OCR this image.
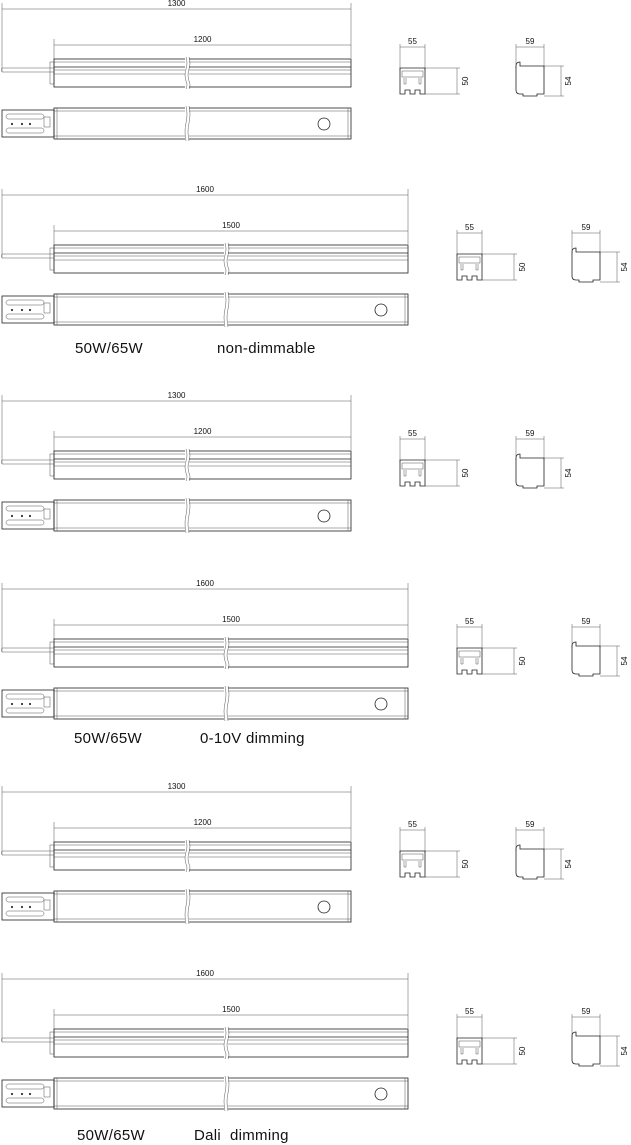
1300
1200	55
50
59
54
1600
1500	55
50
59
54
1300
1200	55
50
59
54
1600
1500	55
50
59
54
1300
1200	55
50
59
54
1600
1500	55
50
59
54
50W/65W	non-dimmable
50W/65W	0-10V dimming
50W/65W	Dali  dimming
